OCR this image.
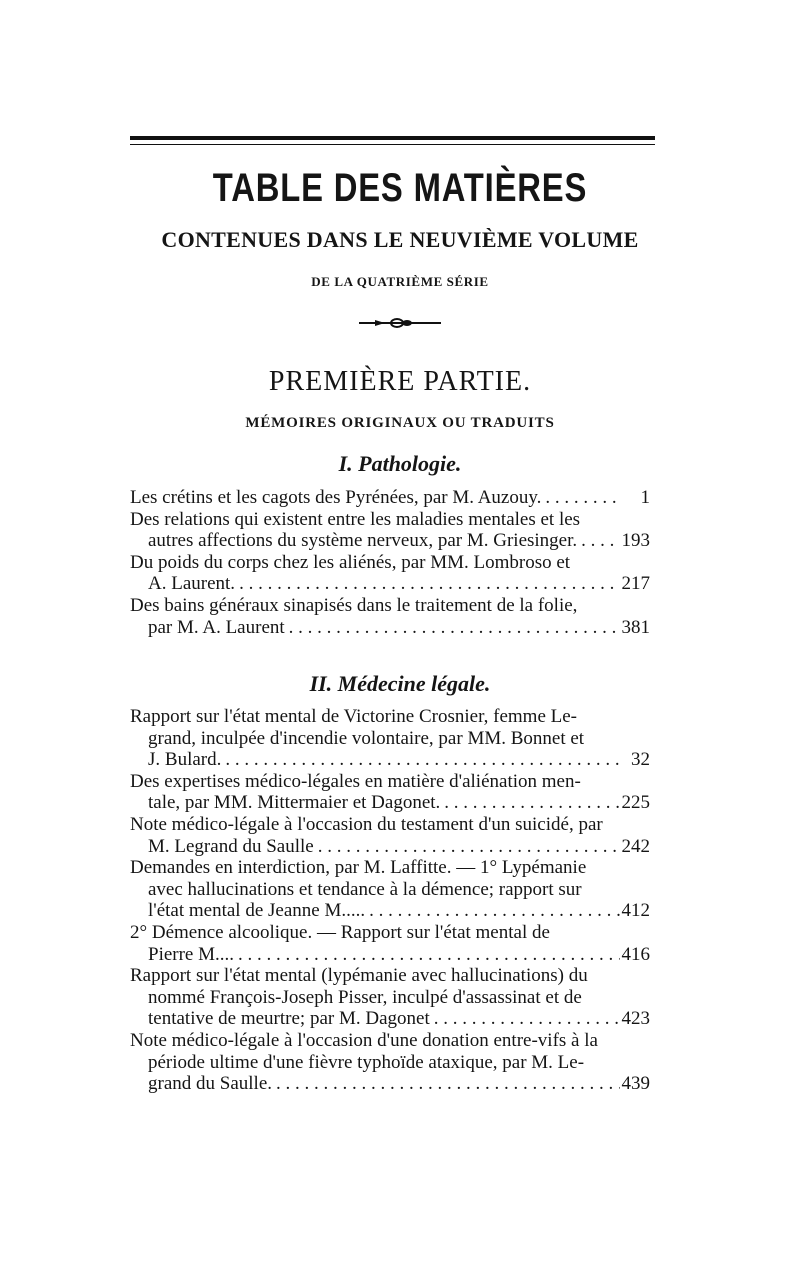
TABLE DES MATIÈRES
CONTENUES DANS LE NEUVIÈME VOLUME
DE LA QUATRIÈME SÉRIE
PREMIÈRE PARTIE.
MÉMOIRES ORIGINAUX OU TRADUITS
I. Pathologie.
Les crétins et les cagots des Pyrénées, par M. Auzouy. . . .	1
Des relations qui existent entre les maladies mentales et les
autres affections du système nerveux, par M. Griesinger. . . . 193
Du poids du corps chez les aliénés, par MM. Lombroso et
A. Laurent. . . .	217
Des bains généraux sinapisés dans le traitement de la folie,
par M. A. Laurent . . .	381
II. Médecine légale.
Rapport sur l'état mental de Victorine Crosnier, femme Le-
grand, inculpée d'incendie volontaire, par MM. Bonnet et
J. Bulard. . . .	32
Des expertises médico-légales en matière d'aliénation men-
tale, par MM. Mittermaier et Dagonet. . . .	225
Note médico-légale à l'occasion du testament d'un suicidé, par
M. Legrand du Saulle . . .	242
Demandes en interdiction, par M. Laffitte. — 1° Lypémanie
avec hallucinations et tendance à la démence; rapport sur
l'état mental de Jeanne M..... . . .	412
2° Démence alcoolique. — Rapport sur l'état mental de
Pierre M.... . . .	416
Rapport sur l'état mental (lypémanie avec hallucinations) du
nommé François-Joseph Pisser, inculpé d'assassinat et de
tentative de meurtre; par M. Dagonet . . .	423
Note médico-légale à l'occasion d'une donation entre-vifs à la
période ultime d'une fièvre typhoïde ataxique, par M. Le-
grand du Saulle. . . .	439
